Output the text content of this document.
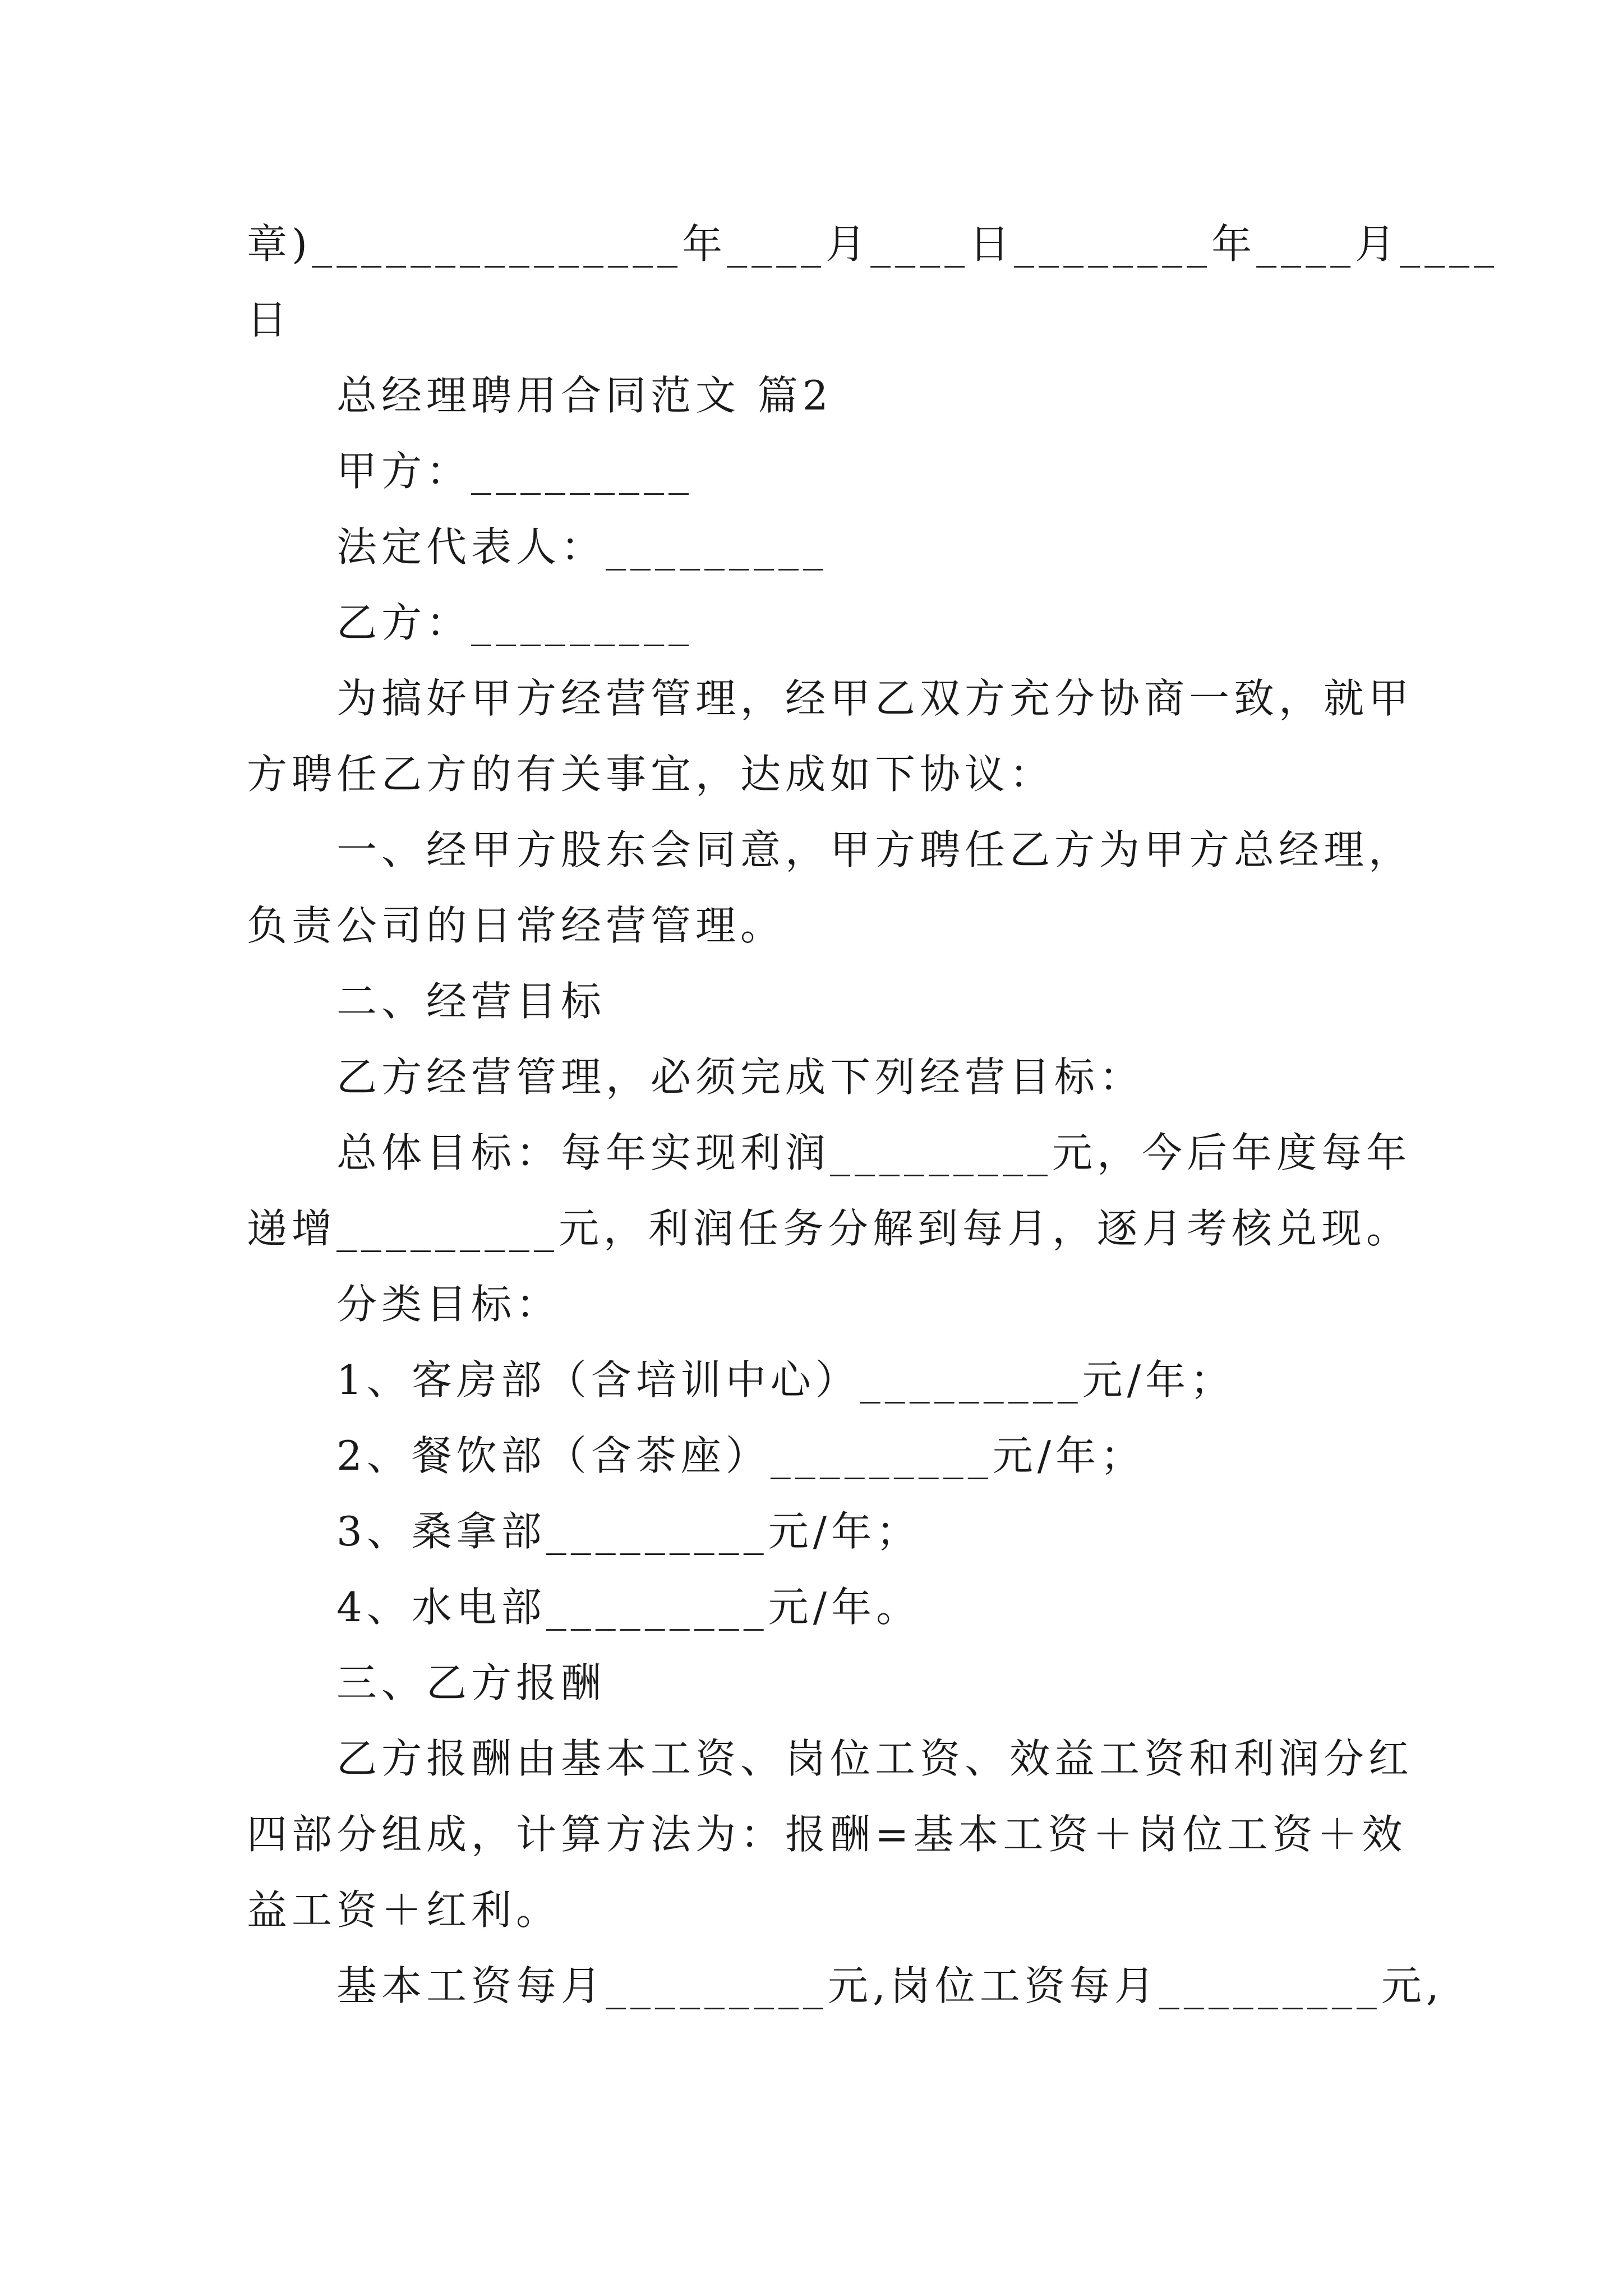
章)_______________年____月____日________年____月____
日
总经理聘用合同范文 篇2
甲方：_________
法定代表人：_________
乙方：_________
为搞好甲方经营管理，经甲乙双方充分协商一致，就甲
方聘任乙方的有关事宜，达成如下协议：
一、经甲方股东会同意，甲方聘任乙方为甲方总经理，
负责公司的日常经营管理。
二、经营目标
乙方经营管理，必须完成下列经营目标：
总体目标：每年实现利润_________元，今后年度每年
递增_________元，利润任务分解到每月，逐月考核兑现。
分类目标：
1、客房部（含培训中心）_________元/年；
2、餐饮部（含茶座）_________元/年；
3、桑拿部_________元/年；
4、水电部_________元/年。
三、乙方报酬
乙方报酬由基本工资、岗位工资、效益工资和利润分红
四部分组成，计算方法为：报酬=基本工资＋岗位工资＋效
益工资＋红利。
基本工资每月_________元,岗位工资每月_________元,
